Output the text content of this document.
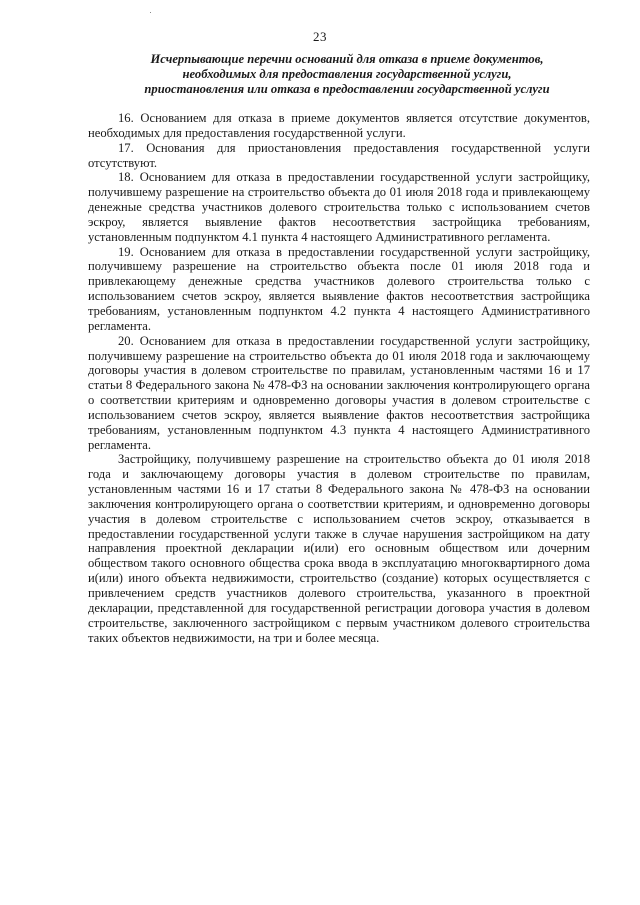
23
Исчерпывающие перечни оснований для отказа в приеме документов,
необходимых для предоставления государственной услуги,
приостановления или отказа в предоставлении государственной услуги

16. Основанием для отказа в приеме документов является отсутствие документов, необходимых для предоставления государственной услуги.

17. Основания для приостановления предоставления государственной услуги отсутствуют.

18. Основанием для отказа в предоставлении государственной услуги застройщику, получившему разрешение на строительство объекта до 01 июля 2018 года и привлекающему денежные средства участников долевого строительства только с использованием счетов эскроу, является выявление фактов несоответствия застройщика требованиям, установленным подпунктом 4.1 пункта 4 настоящего Административного регламента.

19. Основанием для отказа в предоставлении государственной услуги застройщику, получившему разрешение на строительство объекта после 01 июля 2018 года и привлекающему денежные средства участников долевого строительства только с использованием счетов эскроу, является выявление фактов несоответствия застройщика требованиям, установленным подпунктом 4.2 пункта 4 настоящего Административного регламента.

20. Основанием для отказа в предоставлении государственной услуги застройщику, получившему разрешение на строительство объекта до 01 июля 2018 года и заключающему договоры участия в долевом строительстве по правилам, установленным частями 16 и 17 статьи 8 Федерального закона № 478-ФЗ на основании заключения контролирующего органа о соответствии критериям и одновременно договоры участия в долевом строительстве с использованием счетов эскроу, является выявление фактов несоответствия застройщика требованиям, установленным подпунктом 4.3 пункта 4 настоящего Административного регламента.

Застройщику, получившему разрешение на строительство объекта до 01 июля 2018 года и заключающему договоры участия в долевом строительстве по правилам, установленным частями 16 и 17 статьи 8 Федерального закона № 478-ФЗ на основании заключения контролирующего органа о соответствии критериям, и одновременно договоры участия в долевом строительстве с использованием счетов эскроу, отказывается в предоставлении государственной услуги также в случае нарушения застройщиком на дату направления проектной декларации и(или) его основным обществом или дочерним обществом такого основного общества срока ввода в эксплуатацию многоквартирного дома и(или) иного объекта недвижимости, строительство (создание) которых осуществляется с привлечением средств участников долевого строительства, указанного в проектной декларации, представленной для государственной регистрации договора участия в долевом строительстве, заключенного застройщиком с первым участником долевого строительства таких объектов недвижимости, на три и более месяца.
